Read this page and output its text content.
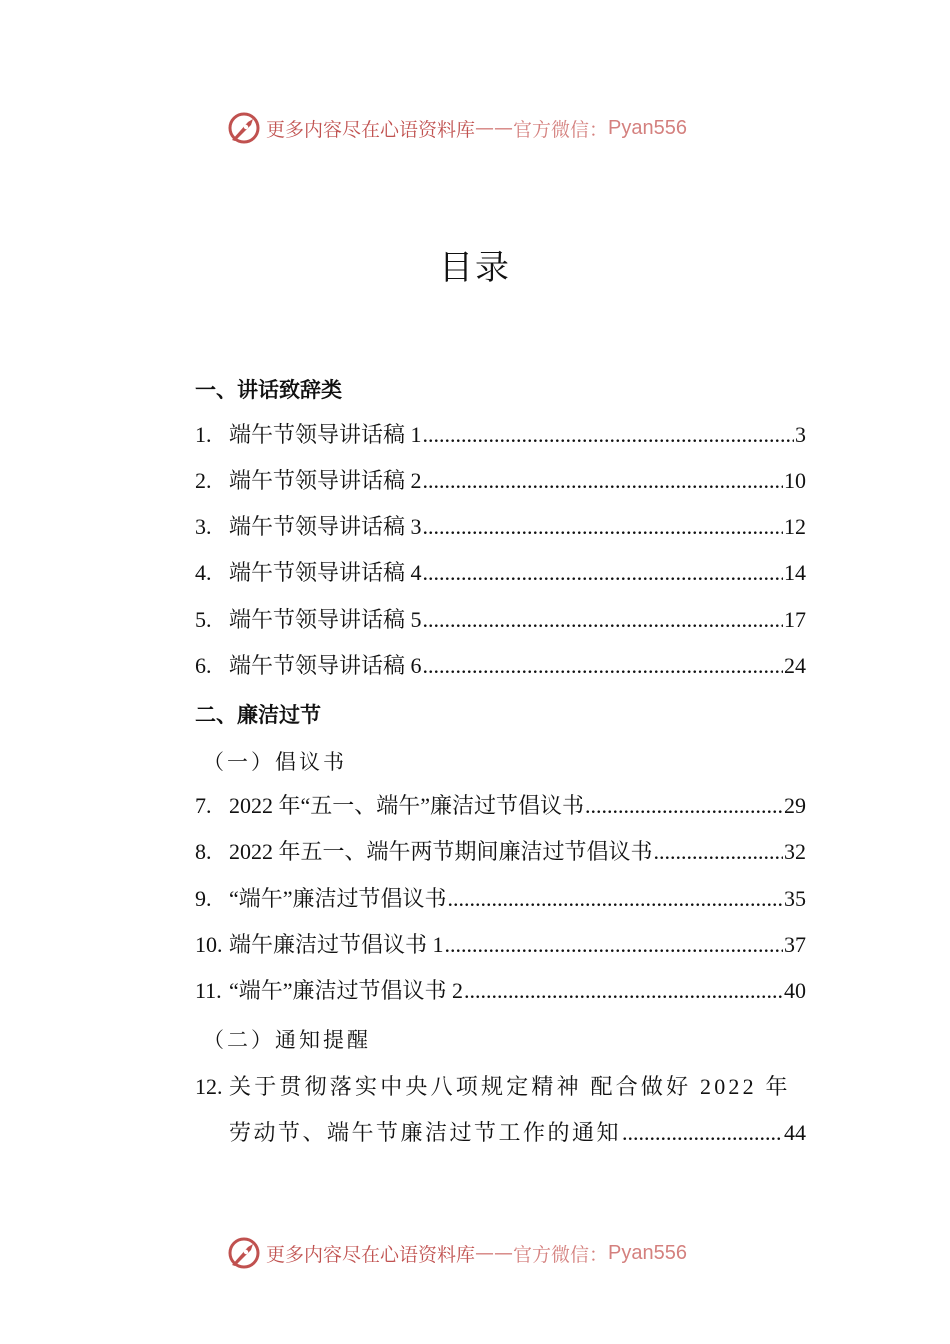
更多内容尽在心语资料库 — — 官方微信： Pyan556
目录
一、讲话致辞类
1. 端午节领导讲话稿 1 .....	3
2. 端午节领导讲话稿 2 .....	10
3. 端午节领导讲话稿 3 .....	12
4. 端午节领导讲话稿 4 .....	14
5. 端午节领导讲话稿 5 .....	17
6. 端午节领导讲话稿 6 .....	24
二、廉洁过节
（一）倡议书
7. 2022 年“五一、端午”廉洁过节倡议书 .....	29
8. 2022 年五一、端午两节期间廉洁过节倡议书 .....	32
9. “端午”廉洁过节倡议书 .....	35
10. 端午廉洁过节倡议书 1 .....	37
11. “端午”廉洁过节倡议书 2 .....	40
（二）通知提醒
12. 关于贯彻落实中央八项规定精神 配合做好 2022 年
劳动节、端午节廉洁过节工作的通知 .....	44
更多内容尽在心语资料库 — — 官方微信： Pyan556
